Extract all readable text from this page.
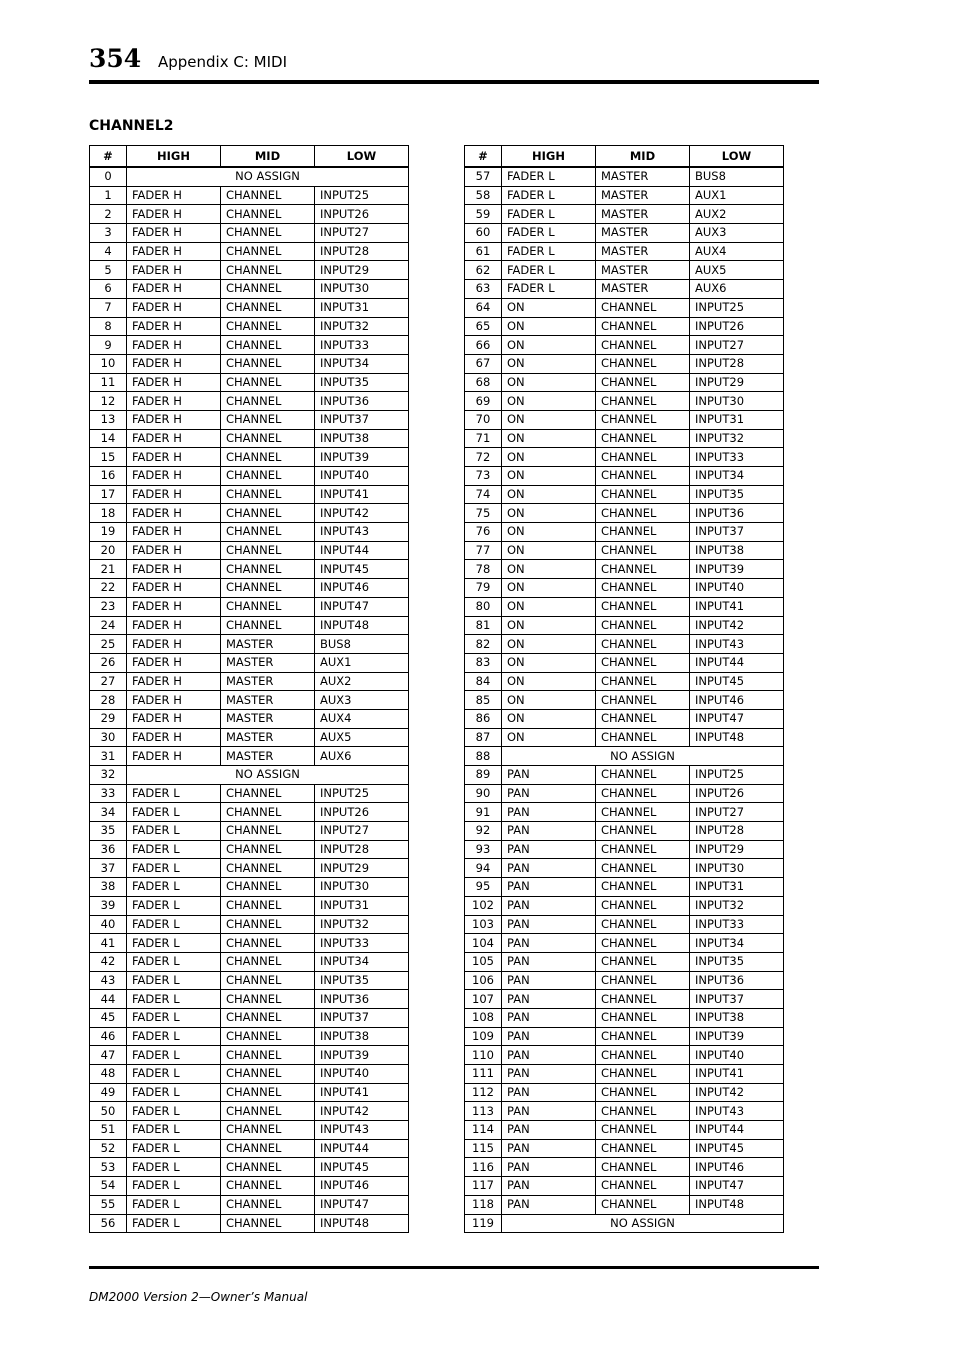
354 Appendix C: MIDI
CHANNEL2
#	HIGH	MID	LOW
0	NO ASSIGN		
1	FADER H	CHANNEL	INPUT25
2	FADER H	CHANNEL	INPUT26
3	FADER H	CHANNEL	INPUT27
4	FADER H	CHANNEL	INPUT28
5	FADER H	CHANNEL	INPUT29
6	FADER H	CHANNEL	INPUT30
7	FADER H	CHANNEL	INPUT31
8	FADER H	CHANNEL	INPUT32
9	FADER H	CHANNEL	INPUT33
10	FADER H	CHANNEL	INPUT34
11	FADER H	CHANNEL	INPUT35
12	FADER H	CHANNEL	INPUT36
13	FADER H	CHANNEL	INPUT37
14	FADER H	CHANNEL	INPUT38
15	FADER H	CHANNEL	INPUT39
16	FADER H	CHANNEL	INPUT40
17	FADER H	CHANNEL	INPUT41
18	FADER H	CHANNEL	INPUT42
19	FADER H	CHANNEL	INPUT43
20	FADER H	CHANNEL	INPUT44
21	FADER H	CHANNEL	INPUT45
22	FADER H	CHANNEL	INPUT46
23	FADER H	CHANNEL	INPUT47
24	FADER H	CHANNEL	INPUT48
25	FADER H	MASTER	BUS8
26	FADER H	MASTER	AUX1
27	FADER H	MASTER	AUX2
28	FADER H	MASTER	AUX3
29	FADER H	MASTER	AUX4
30	FADER H	MASTER	AUX5
31	FADER H	MASTER	AUX6
32	NO ASSIGN		
33	FADER L	CHANNEL	INPUT25
34	FADER L	CHANNEL	INPUT26
35	FADER L	CHANNEL	INPUT27
36	FADER L	CHANNEL	INPUT28
37	FADER L	CHANNEL	INPUT29
38	FADER L	CHANNEL	INPUT30
39	FADER L	CHANNEL	INPUT31
40	FADER L	CHANNEL	INPUT32
41	FADER L	CHANNEL	INPUT33
42	FADER L	CHANNEL	INPUT34
43	FADER L	CHANNEL	INPUT35
44	FADER L	CHANNEL	INPUT36
45	FADER L	CHANNEL	INPUT37
46	FADER L	CHANNEL	INPUT38
47	FADER L	CHANNEL	INPUT39
48	FADER L	CHANNEL	INPUT40
49	FADER L	CHANNEL	INPUT41
50	FADER L	CHANNEL	INPUT42
51	FADER L	CHANNEL	INPUT43
52	FADER L	CHANNEL	INPUT44
53	FADER L	CHANNEL	INPUT45
54	FADER L	CHANNEL	INPUT46
55	FADER L	CHANNEL	INPUT47
56	FADER L	CHANNEL	INPUT48
#	HIGH	MID	LOW
57	FADER L	MASTER	BUS8
58	FADER L	MASTER	AUX1
59	FADER L	MASTER	AUX2
60	FADER L	MASTER	AUX3
61	FADER L	MASTER	AUX4
62	FADER L	MASTER	AUX5
63	FADER L	MASTER	AUX6
64	ON	CHANNEL	INPUT25
65	ON	CHANNEL	INPUT26
66	ON	CHANNEL	INPUT27
67	ON	CHANNEL	INPUT28
68	ON	CHANNEL	INPUT29
69	ON	CHANNEL	INPUT30
70	ON	CHANNEL	INPUT31
71	ON	CHANNEL	INPUT32
72	ON	CHANNEL	INPUT33
73	ON	CHANNEL	INPUT34
74	ON	CHANNEL	INPUT35
75	ON	CHANNEL	INPUT36
76	ON	CHANNEL	INPUT37
77	ON	CHANNEL	INPUT38
78	ON	CHANNEL	INPUT39
79	ON	CHANNEL	INPUT40
80	ON	CHANNEL	INPUT41
81	ON	CHANNEL	INPUT42
82	ON	CHANNEL	INPUT43
83	ON	CHANNEL	INPUT44
84	ON	CHANNEL	INPUT45
85	ON	CHANNEL	INPUT46
86	ON	CHANNEL	INPUT47
87	ON	CHANNEL	INPUT48
88	NO ASSIGN		
89	PAN	CHANNEL	INPUT25
90	PAN	CHANNEL	INPUT26
91	PAN	CHANNEL	INPUT27
92	PAN	CHANNEL	INPUT28
93	PAN	CHANNEL	INPUT29
94	PAN	CHANNEL	INPUT30
95	PAN	CHANNEL	INPUT31
102	PAN	CHANNEL	INPUT32
103	PAN	CHANNEL	INPUT33
104	PAN	CHANNEL	INPUT34
105	PAN	CHANNEL	INPUT35
106	PAN	CHANNEL	INPUT36
107	PAN	CHANNEL	INPUT37
108	PAN	CHANNEL	INPUT38
109	PAN	CHANNEL	INPUT39
110	PAN	CHANNEL	INPUT40
111	PAN	CHANNEL	INPUT41
112	PAN	CHANNEL	INPUT42
113	PAN	CHANNEL	INPUT43
114	PAN	CHANNEL	INPUT44
115	PAN	CHANNEL	INPUT45
116	PAN	CHANNEL	INPUT46
117	PAN	CHANNEL	INPUT47
118	PAN	CHANNEL	INPUT48
119	NO ASSIGN		
DM2000 Version 2—Owner’s Manual
